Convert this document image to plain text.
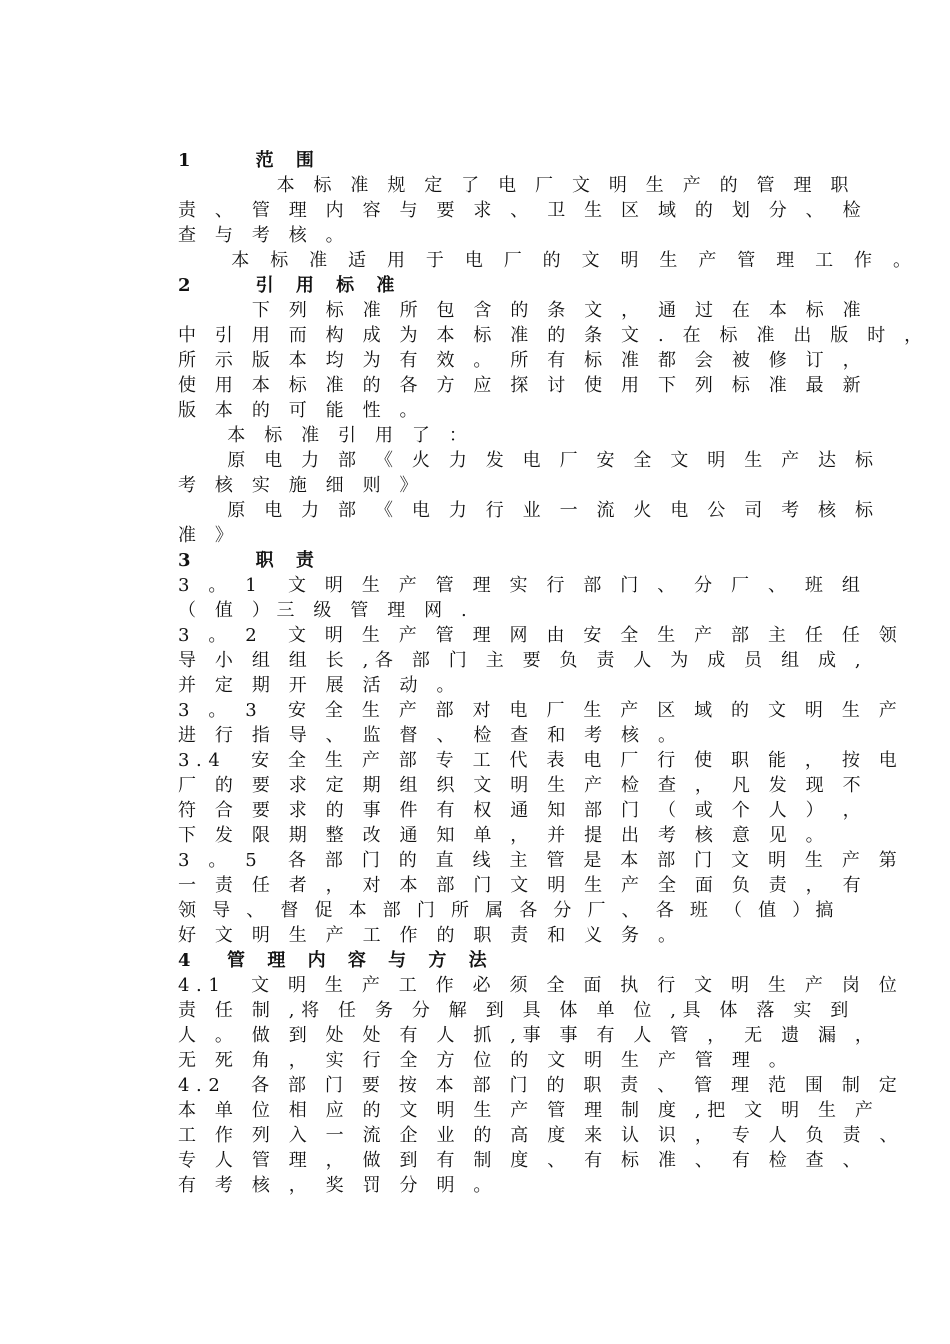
1    范 围
本 标 准 规 定 了 电 厂 文 明 生 产 的 管 理 职
责 、 管 理 内 容 与 要 求 、 卫 生 区 域 的 划 分 、 检
查 与 考 核 。
本 标 准 适 用 于 电 厂 的 文 明 生 产 管 理 工 作 。
2    引 用 标 准
下 列 标 准 所 包 含 的 条 文 ， 通 过 在 本 标 准
中 引 用 而 构 成 为 本 标 准 的 条 文 . 在 标 准 出 版 时 ，
所 示 版 本 均 为 有 效 。 所 有 标 准 都 会 被 修 订 ，
使 用 本 标 准 的 各 方 应 探 讨 使 用 下 列 标 准 最 新
版 本 的 可 能 性 。
本 标 准 引 用 了 ：
原 电 力 部 《 火 力 发 电 厂 安 全 文 明 生 产 达 标
考 核 实 施 细 则 》
原 电 力 部 《 电 力 行 业 一 流 火 电 公 司 考 核 标
准 》
3    职 责
3 。 1  文 明 生 产 管 理 实 行 部 门 、 分 厂 、 班 组
（ 值 ）三 级 管 理 网 .
3 。 2  文 明 生 产 管 理 网 由 安 全 生 产 部 主 任 任 领
导 小 组 组 长 ,各 部 门 主 要 负 责 人 为 成 员 组 成 ,
并 定 期 开 展 活 动 。
3 。 3  安 全 生 产 部 对 电 厂 生 产 区 域 的 文 明 生 产
进 行 指 导 、 监 督 、 检 查 和 考 核 。
3.4  安 全 生 产 部 专 工 代 表 电 厂 行 使 职 能 ， 按 电
厂 的 要 求 定 期 组 织 文 明 生 产 检 查 ， 凡 发 现 不
符 合 要 求 的 事 件 有 权 通 知 部 门 （ 或 个 人 ） ，
下 发 限 期 整 改 通 知 单 ， 并 提 出 考 核 意 见 。
3 。 5  各 部 门 的 直 线 主 管 是 本 部 门 文 明 生 产 第
一 责 任 者 ， 对 本 部 门 文 明 生 产 全 面 负 责 ， 有
领 导 、 督 促 本 部 门 所 属 各 分 厂 、 各 班 （ 值 ）搞
好 文 明 生 产 工 作 的 职 责 和 义 务 。
4  管 理 内 容 与 方 法
4.1  文 明 生 产 工 作 必 须 全 面 执 行 文 明 生 产 岗 位
责 任 制 ,将 任 务 分 解 到 具 体 单 位 ,具 体 落 实 到
人 。 做 到 处 处 有 人 抓 ,事 事 有 人 管 ， 无 遗 漏 ，
无 死 角 ， 实 行 全 方 位 的 文 明 生 产 管 理 。
4.2  各 部 门 要 按 本 部 门 的 职 责 、 管 理 范 围 制 定
本 单 位 相 应 的 文 明 生 产 管 理 制 度 ,把 文 明 生 产
工 作 列 入 一 流 企 业 的 高 度 来 认 识 ， 专 人 负 责 、
专 人 管 理 ， 做 到 有 制 度 、 有 标 准 、 有 检 查 、
有 考 核 ， 奖 罚 分 明 。
